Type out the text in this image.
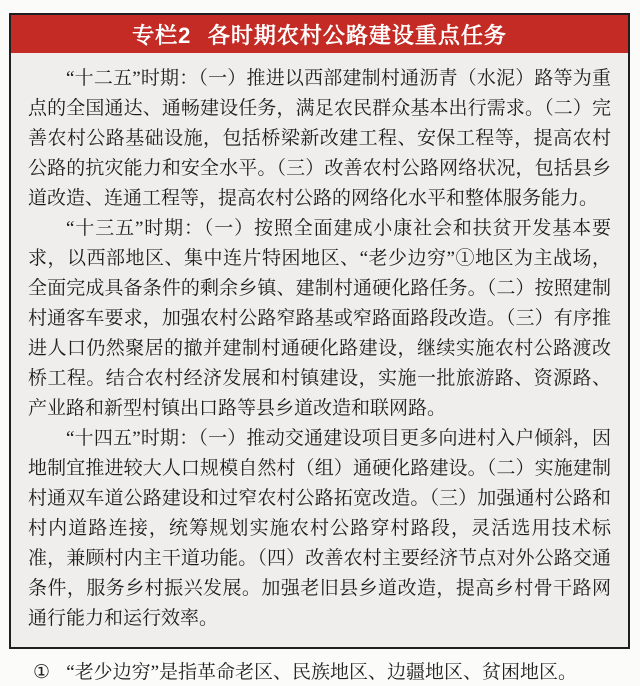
专栏2 各时期农村公路建设重点任务

“十二五”时期：（一）推进以西部建制村通沥青（水泥）路等为重点的全国通达、通畅建设任务，满足农民群众基本出行需求。（二）完善农村公路基础设施，包括桥梁新改建工程、安保工程等，提高农村公路的抗灾能力和安全水平。（三）改善农村公路网络状况，包括县乡道改造、连通工程等，提高农村公路的网络化水平和整体服务能力。

“十三五”时期：（一）按照全面建成小康社会和扶贫开发基本要求，以西部地区、集中连片特困地区、“老少边穷”①地区为主战场，全面完成具备条件的剩余乡镇、建制村通硬化路任务。（二）按照建制村通客车要求，加强农村公路窄路基或窄路面路段改造。（三）有序推进人口仍然聚居的撤并建制村通硬化路建设，继续实施农村公路渡改桥工程。结合农村经济发展和村镇建设，实施一批旅游路、资源路、产业路和新型村镇出口路等县乡道改造和联网路。

“十四五”时期：（一）推动交通建设项目更多向进村入户倾斜，因地制宜推进较大人口规模自然村（组）通硬化路建设。（二）实施建制村通双车道公路建设和过窄农村公路拓宽改造。（三）加强通村公路和村内道路连接，统筹规划实施农村公路穿村路段，灵活选用技术标准，兼顾村内主干道功能。（四）改善农村主要经济节点对外公路交通条件，服务乡村振兴发展。加强老旧县乡道改造，提高乡村骨干路网通行能力和运行效率。

① “老少边穷”是指革命老区、民族地区、边疆地区、贫困地区。
